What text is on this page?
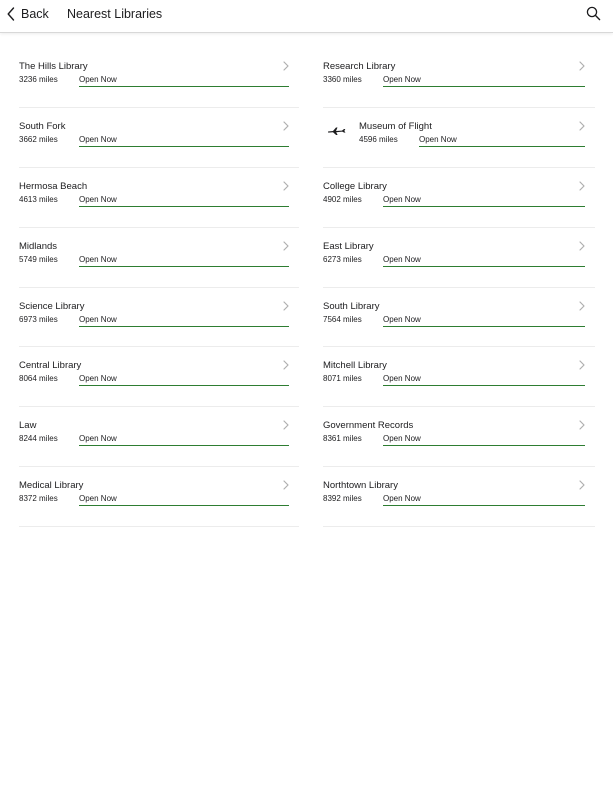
Back Nearest Libraries
The Hills Library
3236 miles	Open Now
South Fork
3662 miles	Open Now
Hermosa Beach
4613 miles	Open Now
Midlands
5749 miles	Open Now
Science Library
6973 miles	Open Now
Central Library
8064 miles	Open Now
Law
8244 miles	Open Now
Medical Library
8372 miles	Open Now
Research Library
3360 miles	Open Now
Museum of Flight
4596 miles	Open Now
College Library
4902 miles	Open Now
East Library
6273 miles	Open Now
South Library
7564 miles	Open Now
Mitchell Library
8071 miles	Open Now
Government Records
8361 miles	Open Now
Northtown Library
8392 miles	Open Now
